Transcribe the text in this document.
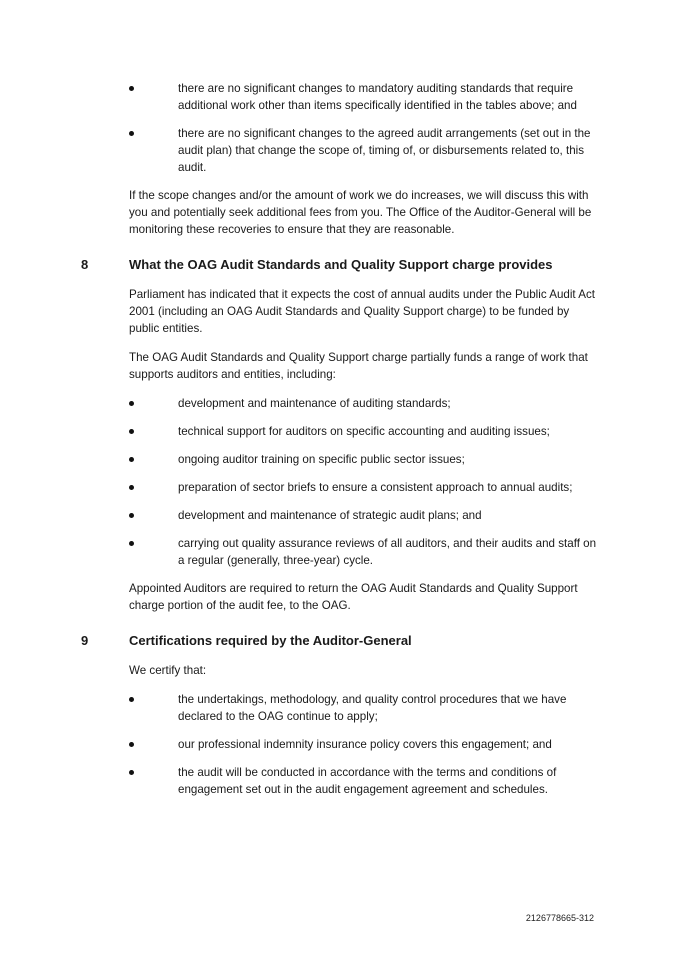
there are no significant changes to mandatory auditing standards that require additional work other than items specifically identified in the tables above; and
there are no significant changes to the agreed audit arrangements (set out in the audit plan) that change the scope of, timing of, or disbursements related to, this audit.

If the scope changes and/or the amount of work we do increases, we will discuss this with you and potentially seek additional fees from you. The Office of the Auditor-General will be monitoring these recoveries to ensure that they are reasonable.

8	What the OAG Audit Standards and Quality Support charge provides

Parliament has indicated that it expects the cost of annual audits under the Public Audit Act 2001 (including an OAG Audit Standards and Quality Support charge) to be funded by public entities.

The OAG Audit Standards and Quality Support charge partially funds a range of work that supports auditors and entities, including:

development and maintenance of auditing standards;
technical support for auditors on specific accounting and auditing issues;
ongoing auditor training on specific public sector issues;
preparation of sector briefs to ensure a consistent approach to annual audits;
development and maintenance of strategic audit plans; and
carrying out quality assurance reviews of all auditors, and their audits and staff on a regular (generally, three-year) cycle.

Appointed Auditors are required to return the OAG Audit Standards and Quality Support charge portion of the audit fee, to the OAG.

9	Certifications required by the Auditor-General

We certify that:

the undertakings, methodology, and quality control procedures that we have declared to the OAG continue to apply;
our professional indemnity insurance policy covers this engagement; and
the audit will be conducted in accordance with the terms and conditions of engagement set out in the audit engagement agreement and schedules.
2126778665-312
